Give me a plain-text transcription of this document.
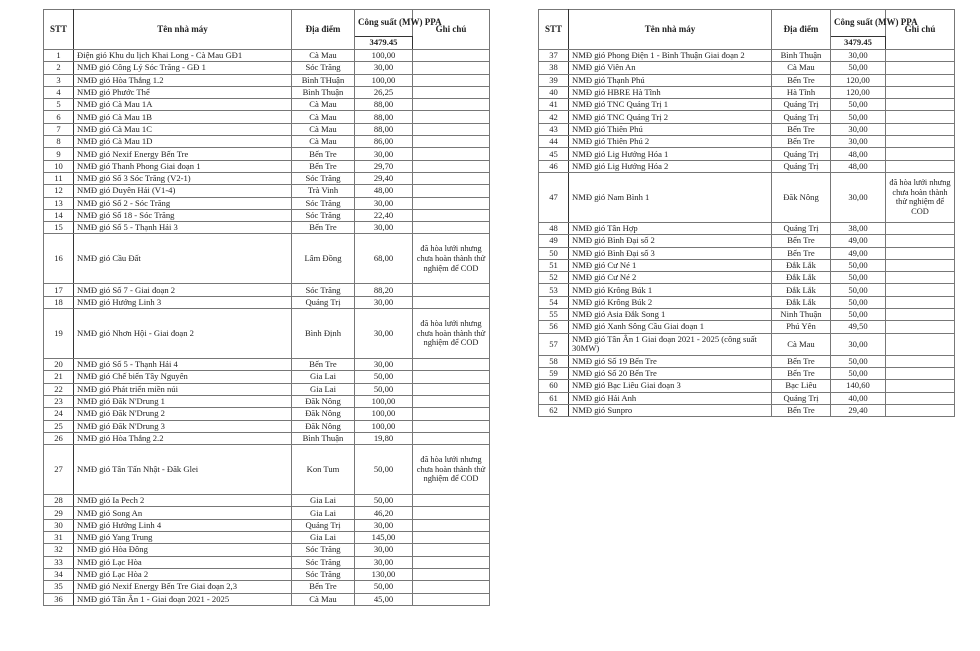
STT	Tên nhà máy	Địa điểm	Công suất (MW) PPA	Ghi chú
			3479.45	
1	Điện gió Khu du lịch Khai Long - Cà Mau GĐ1	Cà Mau	100,00	
2	NMĐ gió Công Lý Sóc Trăng - GĐ 1	Sóc Trăng	30,00	
3	NMĐ gió Hòa Thắng 1.2	Bình THuận	100,00	
4	NMĐ gió Phước Thể	Bình Thuận	26,25	
5	NMĐ gió Cà Mau 1A	Cà Mau	88,00	
6	NMĐ gió Cà Mau 1B	Cà Mau	88,00	
7	NMĐ gió Cà Mau 1C	Cà Mau	88,00	
8	NMĐ gió Cà Mau 1D	Cà Mau	86,00	
9	NMĐ gió Nexif Energy Bến Tre	Bến Tre	30,00	
10	NMĐ gió Thanh Phong Giai đoạn 1	Bến Tre	29,70	
11	NMĐ gió Số 3 Sóc Trăng (V2-1)	Sóc Trăng	29,40	
12	NMĐ gió Duyên Hải (V1-4)	Trà Vinh	48,00	
13	NMĐ gió Số 2 - Sóc Trăng	Sóc Trăng	30,00	
14	NMĐ gió Số 18 - Sóc Trăng	Sóc Trăng	22,40	
15	NMĐ gió Số 5 - Thạnh Hải 3	Bến Tre	30,00	
16	NMĐ gió Cầu Đất	Lâm Đồng	68,00	đã hòa lưới nhưng chưa hoàn thành thử nghiệm để COD
17	NMĐ gió Số 7 - Giai đoạn 2	Sóc Trăng	88,20	
18	NMĐ gió Hướng Linh 3	Quảng Trị	30,00	
19	NMĐ gió Nhơn Hội - Giai đoạn 2	Bình Định	30,00	đã hòa lưới nhưng chưa hoàn thành thử nghiệm để COD
20	NMĐ gió Số 5 - Thạnh Hải 4	Bến Tre	30,00	
21	NMĐ gió Chế biến Tây Nguyên	Gia Lai	50,00	
22	NMĐ gió Phát triển miền núi	Gia Lai	50,00	
23	NMĐ gió Đăk N'Drung 1	Đăk Nông	100,00	
24	NMĐ gió Đăk N'Drung 2	Đăk Nông	100,00	
25	NMĐ gió Đăk N'Drung 3	Đăk Nông	100,00	
26	NMĐ gió Hòa Thắng 2.2	Bình Thuận	19,80	
27	NMĐ gió Tân Tấn Nhật - Đăk Glei	Kon Tum	50,00	đã hòa lưới nhưng chưa hoàn thành thử nghiệm để COD
28	NMĐ gió Ia Pech 2	Gia Lai	50,00	
29	NMĐ gió Song An	Gia Lai	46,20	
30	NMĐ gió Hướng Linh 4	Quảng Trị	30,00	
31	NMĐ gió Yang Trung	Gia Lai	145,00	
32	NMĐ gió Hòa Đông	Sóc Trăng	30,00	
33	NMĐ gió Lạc Hòa	Sóc Trăng	30,00	
34	NMĐ gió Lạc Hòa 2	Sóc Trăng	130,00	
35	NMĐ gió Nexif Energy Bến Tre Giai đoạn 2,3	Bến Tre	50,00	
36	NMĐ gió Tân Ân 1 - Giai đoạn 2021 - 2025	Cà Mau	45,00	
STT	Tên nhà máy	Địa điểm	Công suất (MW) PPA	Ghi chú
			3479.45	
37	NMĐ gió Phong Điện 1 - Bình Thuận Giai đoạn 2	Bình Thuận	30,00	
38	NMĐ gió Viên An	Cà Mau	50,00	
39	NMĐ gió Thạnh Phú	Bến Tre	120,00	
40	NMĐ gió HBRE Hà Tĩnh	Hà Tĩnh	120,00	
41	NMĐ gió TNC Quảng Trị 1	Quảng Trị	50,00	
42	NMĐ gió TNC Quảng Trị 2	Quảng Trị	50,00	
43	NMĐ gió Thiên Phú	Bến Tre	30,00	
44	NMĐ gió Thiên Phú 2	Bến Tre	30,00	
45	NMĐ gió Lig Hướng Hóa 1	Quảng Trị	48,00	
46	NMĐ gió Lig Hướng Hóa 2	Quảng Trị	48,00	
47	NMĐ gió Nam Bình 1	Đăk Nông	30,00	đã hòa lưới nhưng chưa hoàn thành thử nghiệm để COD
48	NMĐ gió Tân Hợp	Quảng Trị	38,00	
49	NMĐ gió Bình Đại số 2	Bến Tre	49,00	
50	NMĐ gió Bình Đại số 3	Bến Tre	49,00	
51	NMĐ gió Cư Né 1	Đắk Lắk	50,00	
52	NMĐ gió Cư Né 2	Đắk Lắk	50,00	
53	NMĐ gió Krông Búk 1	Đắk Lắk	50,00	
54	NMĐ gió Krông Búk 2	Đắk Lắk	50,00	
55	NMĐ gió Asia Đắk Song 1	Ninh Thuận	50,00	
56	NMĐ gió Xanh Sông Cầu Giai đoạn 1	Phú Yên	49,50	
57	NMĐ gió Tân Ân 1 Giai đoạn 2021 - 2025 (công suất 30MW)	Cà Mau	30,00	
58	NMĐ gió Số 19 Bến Tre	Bến Tre	50,00	
59	NMĐ gió Số 20 Bến Tre	Bến Tre	50,00	
60	NMĐ gió Bạc Liêu Giai đoạn 3	Bạc Liêu	140,60	
61	NMĐ gió Hải Anh	Quảng Trị	40,00	
62	NMĐ gió Sunpro	Bến Tre	29,40	
